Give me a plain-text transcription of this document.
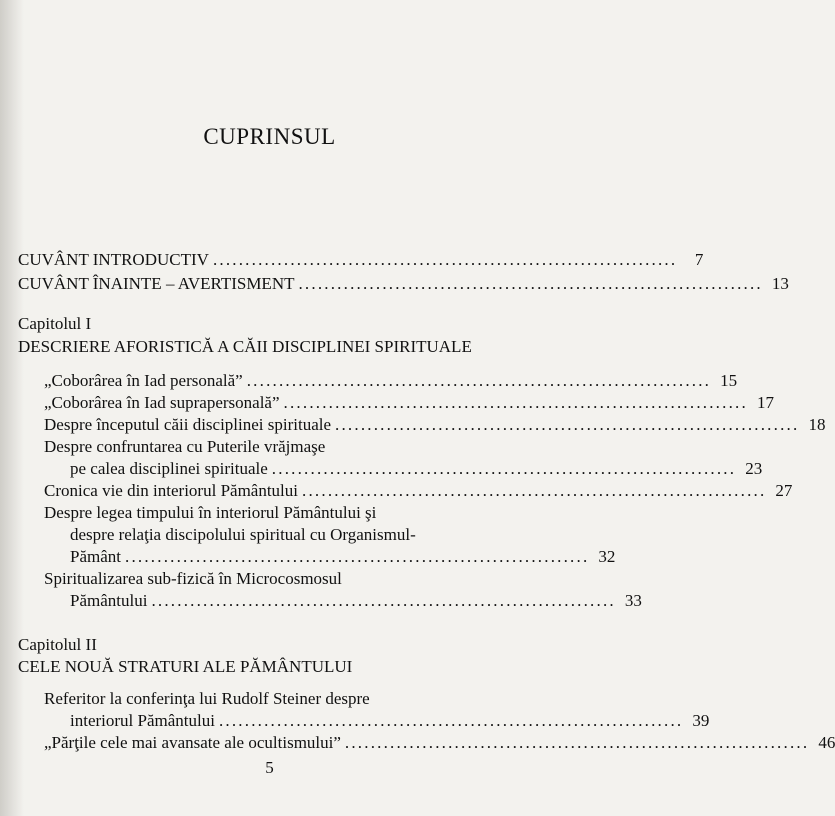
CUPRINSUL
CUVÂNT INTRODUCTIV ........................................................................	7
CUVÂNT ÎNAINTE – AVERTISMENT ........................................................................ 13
Capitolul I
DESCRIERE AFORISTICĂ A CĂII DISCIPLINEI SPIRITUALE
„Coborârea în Iad personală” ........................................................................ 15
„Coborârea în Iad suprapersonală” ........................................................................ 17
Despre începutul căii disciplinei spirituale ........................................................................ 18
Despre confruntarea cu Puterile vrăjmaşe
pe calea disciplinei spirituale ........................................................................ 23
Cronica vie din interiorul Pământului ........................................................................ 27
Despre legea timpului în interiorul Pământului şi
despre relaţia discipolului spiritual cu Organismul-
Pământ ........................................................................ 32
Spiritualizarea sub-fizică în Microcosmosul
Pământului ........................................................................ 33
Capitolul II
CELE NOUĂ STRATURI ALE PĂMÂNTULUI
Referitor la conferinţa lui Rudolf Steiner despre
interiorul Pământului ........................................................................ 39
„Părţile cele mai avansate ale ocultismului” ........................................................................ 46
5
